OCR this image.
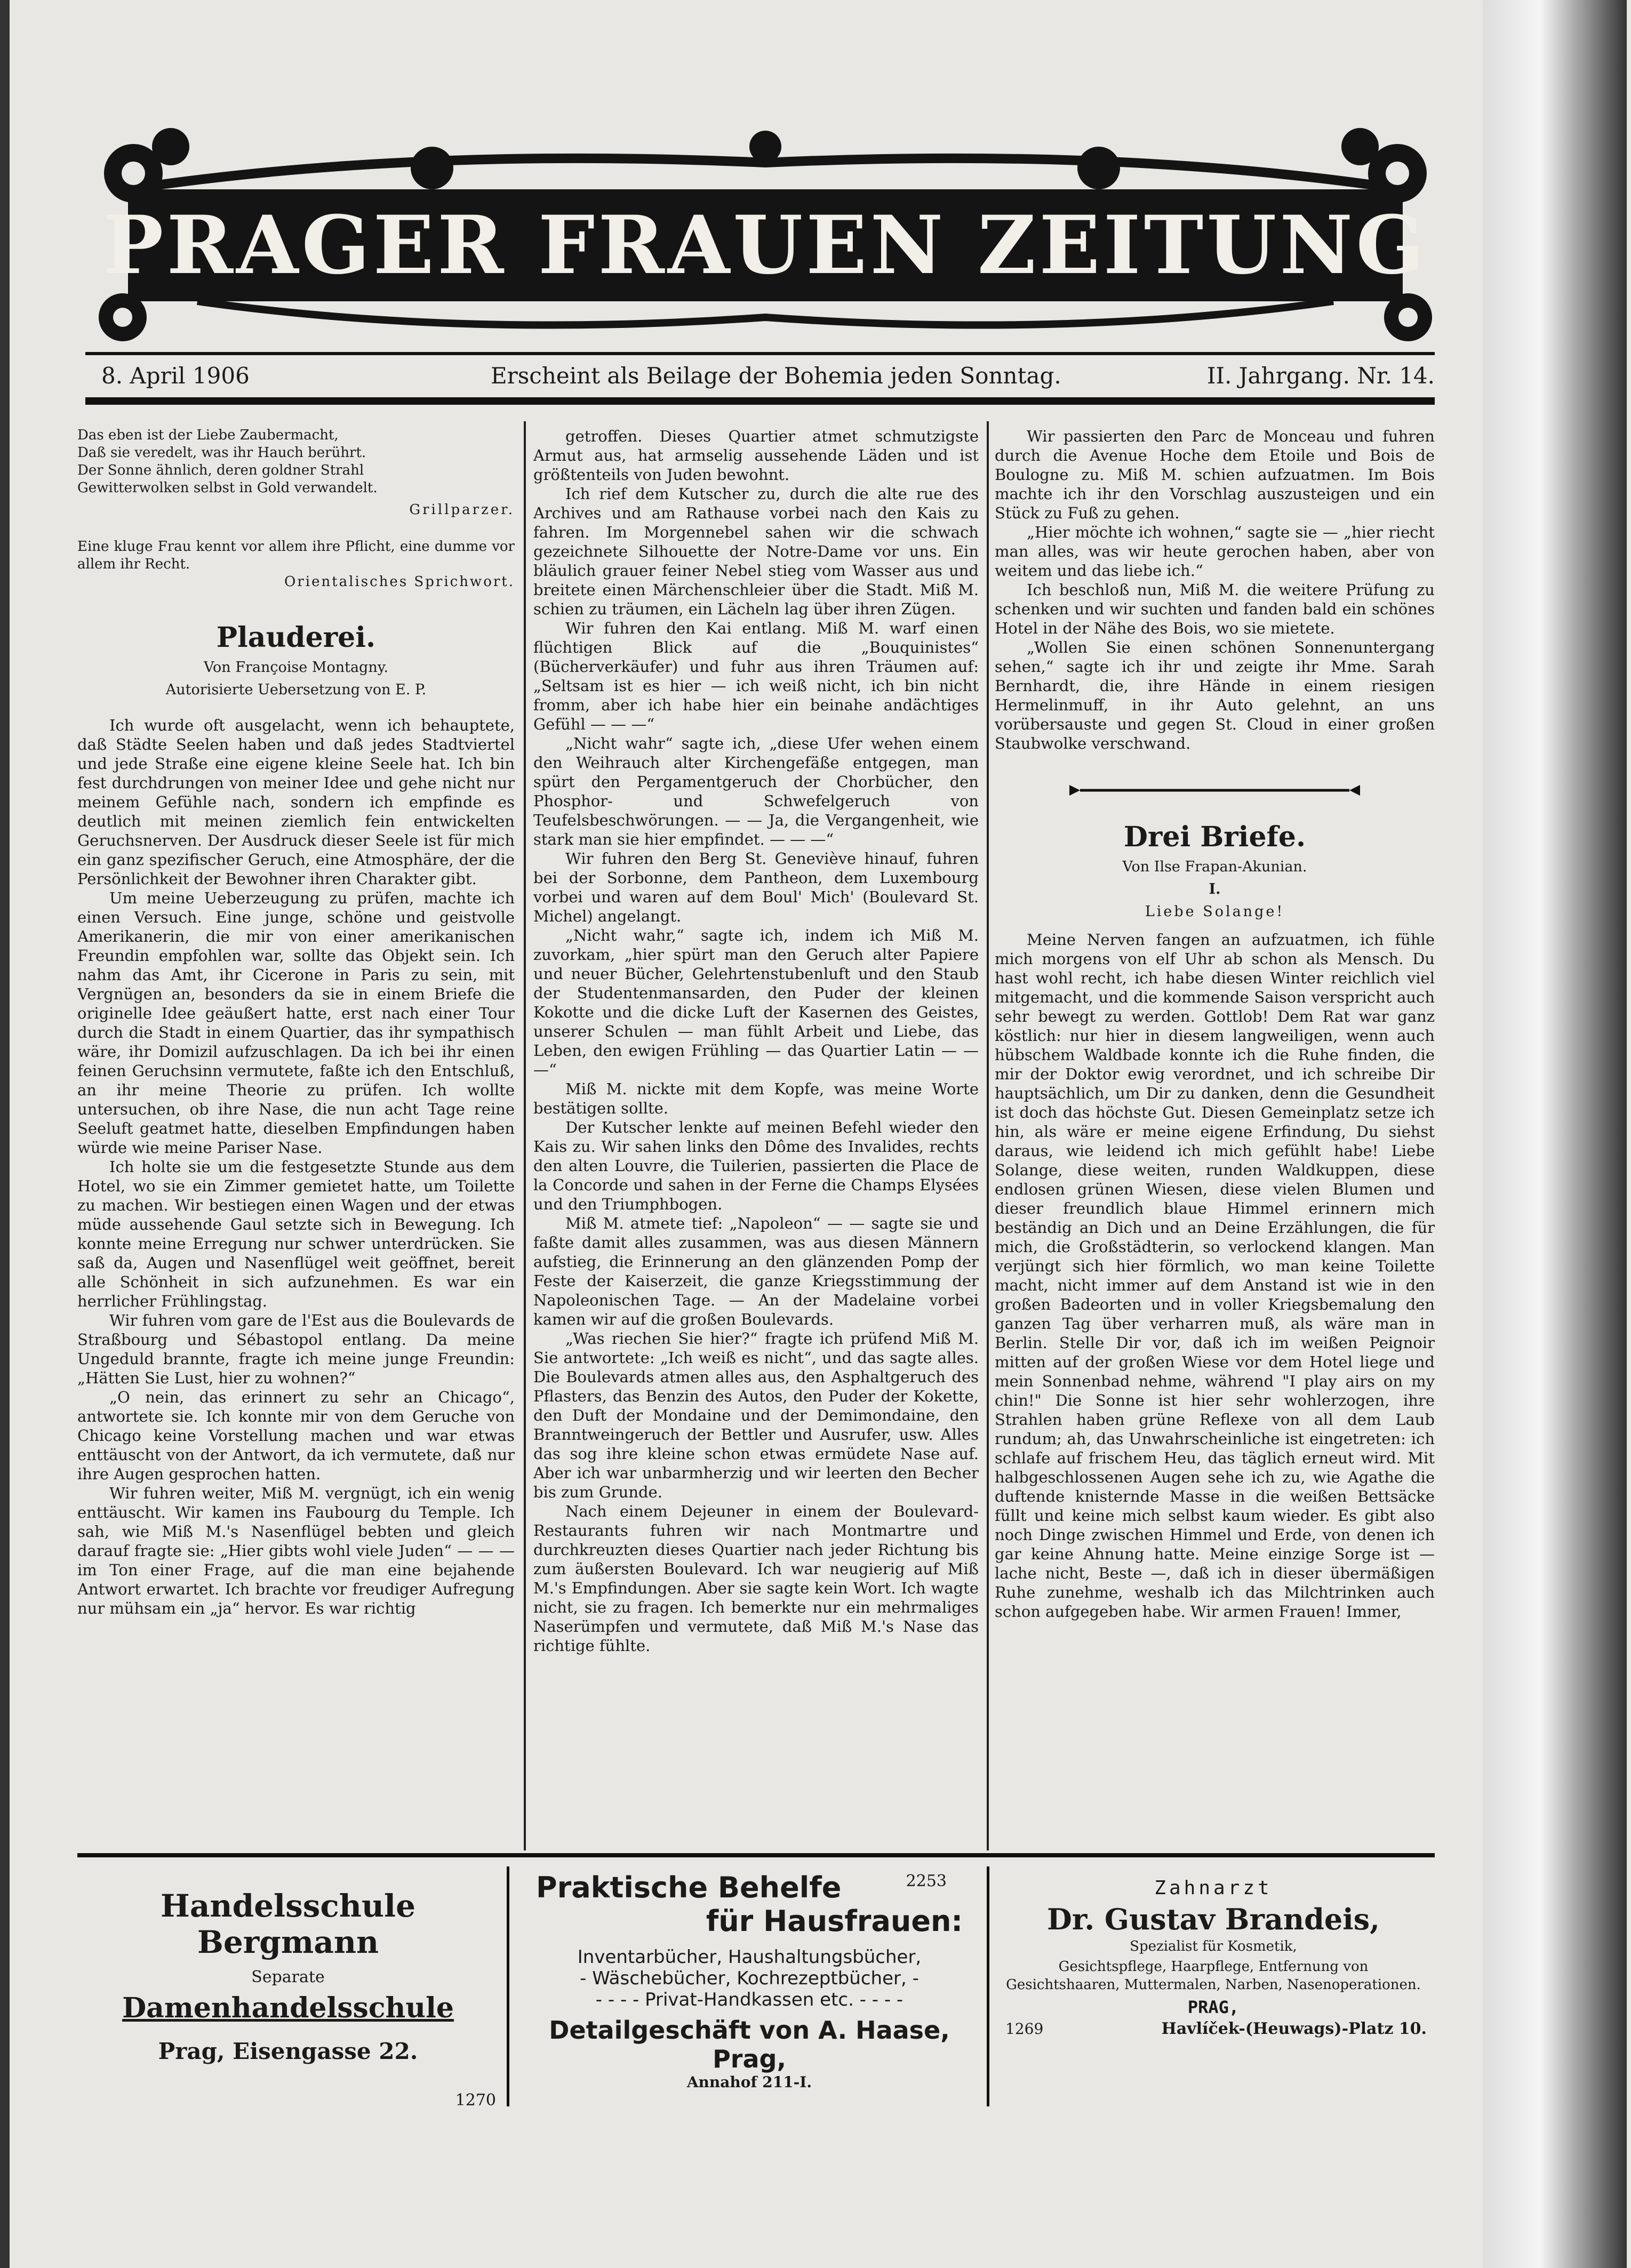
PRAGER FRAUEN ZEITUNG
8. April 1906	Erscheint als Beilage der Bohemia jeden Sonntag.	II. Jahrgang. Nr. 14.

Das eben ist der Liebe Zaubermacht,

Daß sie veredelt, was ihr Hauch berührt.

Der Sonne ähnlich, deren goldner Strahl

Gewitterwolken selbst in Gold verwandelt.

Grillparzer.

Eine kluge Frau kennt vor allem ihre Pflicht, eine dumme vor allem ihr Recht.

Orientalisches Sprichwort.

Plauderei.
Von Françoise Montagny.
Autorisierte Uebersetzung von E. P.

Ich wurde oft ausgelacht, wenn ich behauptete, daß Städte Seelen haben und daß jedes Stadtviertel und jede Straße eine eigene kleine Seele hat. Ich bin fest durchdrungen von meiner Idee und gehe nicht nur meinem Gefühle nach, sondern ich empfinde es deutlich mit meinen ziemlich fein entwickelten Geruchsnerven. Der Ausdruck dieser Seele ist für mich ein ganz spezifischer Geruch, eine Atmosphäre, der die Persönlichkeit der Bewohner ihren Charakter gibt.

Um meine Ueberzeugung zu prüfen, machte ich einen Versuch. Eine junge, schöne und geistvolle Amerikanerin, die mir von einer amerikanischen Freundin empfohlen war, sollte das Objekt sein. Ich nahm das Amt, ihr Cicerone in Paris zu sein, mit Vergnügen an, besonders da sie in einem Briefe die originelle Idee geäußert hatte, erst nach einer Tour durch die Stadt in einem Quartier, das ihr sympathisch wäre, ihr Domizil aufzuschlagen. Da ich bei ihr einen feinen Geruchsinn vermutete, faßte ich den Entschluß, an ihr meine Theorie zu prüfen. Ich wollte untersuchen, ob ihre Nase, die nun acht Tage reine Seeluft geatmet hatte, dieselben Empfindungen haben würde wie meine Pariser Nase.

Ich holte sie um die festgesetzte Stunde aus dem Hotel, wo sie ein Zimmer gemietet hatte, um Toilette zu machen. Wir bestiegen einen Wagen und der etwas müde aussehende Gaul setzte sich in Bewegung. Ich konnte meine Erregung nur schwer unterdrücken. Sie saß da, Augen und Nasenflügel weit geöffnet, bereit alle Schönheit in sich aufzunehmen. Es war ein herrlicher Frühlingstag.

Wir fuhren vom gare de l'Est aus die Boulevards de Straßbourg und Sébastopol entlang. Da meine Ungeduld brannte, fragte ich meine junge Freundin: „Hätten Sie Lust, hier zu wohnen?“

„O nein, das erinnert zu sehr an Chicago“, antwortete sie. Ich konnte mir von dem Geruche von Chicago keine Vorstellung machen und war etwas enttäuscht von der Antwort, da ich vermutete, daß nur ihre Augen gesprochen hatten.

Wir fuhren weiter, Miß M. vergnügt, ich ein wenig enttäuscht. Wir kamen ins Faubourg du Temple. Ich sah, wie Miß M.'s Nasenflügel bebten und gleich darauf fragte sie: „Hier gibts wohl viele Juden“ — — — im Ton einer Frage, auf die man eine bejahende Antwort erwartet. Ich brachte vor freudiger Aufregung nur mühsam ein „ja“ hervor. Es war richtig

getroffen. Dieses Quartier atmet schmutzigste Armut aus, hat armselig aussehende Läden und ist größtenteils von Juden bewohnt.

Ich rief dem Kutscher zu, durch die alte rue des Archives und am Rathause vorbei nach den Kais zu fahren. Im Morgennebel sahen wir die schwach gezeichnete Silhouette der Notre-Dame vor uns. Ein bläulich grauer feiner Nebel stieg vom Wasser aus und breitete einen Märchenschleier über die Stadt. Miß M. schien zu träumen, ein Lächeln lag über ihren Zügen.

Wir fuhren den Kai entlang. Miß M. warf einen flüchtigen Blick auf die „Bouquinistes“ (Bücherverkäufer) und fuhr aus ihren Träumen auf: „Seltsam ist es hier — ich weiß nicht, ich bin nicht fromm, aber ich habe hier ein beinahe andächtiges Gefühl — — —“

„Nicht wahr“ sagte ich, „diese Ufer wehen einem den Weihrauch alter Kirchengefäße entgegen, man spürt den Pergamentgeruch der Chorbücher, den Phosphor- und Schwefelgeruch von Teufelsbeschwörungen. — — Ja, die Vergangenheit, wie stark man sie hier empfindet. — — —“

Wir fuhren den Berg St. Geneviève hinauf, fuhren bei der Sorbonne, dem Pantheon, dem Luxembourg vorbei und waren auf dem Boul' Mich' (Boulevard St. Michel) angelangt.

„Nicht wahr,“ sagte ich, indem ich Miß M. zuvorkam, „hier spürt man den Geruch alter Papiere und neuer Bücher, Gelehrtenstubenluft und den Staub der Studentenmansarden, den Puder der kleinen Kokotte und die dicke Luft der Kasernen des Geistes, unserer Schulen — man fühlt Arbeit und Liebe, das Leben, den ewigen Frühling — das Quartier Latin — — —“

Miß M. nickte mit dem Kopfe, was meine Worte bestätigen sollte.

Der Kutscher lenkte auf meinen Befehl wieder den Kais zu. Wir sahen links den Dôme des Invalides, rechts den alten Louvre, die Tuilerien, passierten die Place de la Concorde und sahen in der Ferne die Champs Elysées und den Triumphbogen.

Miß M. atmete tief: „Napoleon“ — — sagte sie und faßte damit alles zusammen, was aus diesen Männern aufstieg, die Erinnerung an den glänzenden Pomp der Feste der Kaiserzeit, die ganze Kriegsstimmung der Napoleonischen Tage. — An der Madelaine vorbei kamen wir auf die großen Boulevards.

„Was riechen Sie hier?“ fragte ich prüfend Miß M. Sie antwortete: „Ich weiß es nicht“, und das sagte alles. Die Boulevards atmen alles aus, den Asphaltgeruch des Pflasters, das Benzin des Autos, den Puder der Kokette, den Duft der Mondaine und der Demimondaine, den Branntweingeruch der Bettler und Ausrufer, usw. Alles das sog ihre kleine schon etwas ermüdete Nase auf. Aber ich war unbarmherzig und wir leerten den Becher bis zum Grunde.

Nach einem Dejeuner in einem der Boulevard-Restaurants fuhren wir nach Montmartre und durchkreuzten dieses Quartier nach jeder Richtung bis zum äußersten Boulevard. Ich war neugierig auf Miß M.'s Empfindungen. Aber sie sagte kein Wort. Ich wagte nicht, sie zu fragen. Ich bemerkte nur ein mehrmaliges Naserümpfen und vermutete, daß Miß M.'s Nase das richtige fühlte.

Wir passierten den Parc de Monceau und fuhren durch die Avenue Hoche dem Etoile und Bois de Boulogne zu. Miß M. schien aufzuatmen. Im Bois machte ich ihr den Vorschlag auszusteigen und ein Stück zu Fuß zu gehen.

„Hier möchte ich wohnen,“ sagte sie — „hier riecht man alles, was wir heute gerochen haben, aber von weitem und das liebe ich.“

Ich beschloß nun, Miß M. die weitere Prüfung zu schenken und wir suchten und fanden bald ein schönes Hotel in der Nähe des Bois, wo sie mietete.

„Wollen Sie einen schönen Sonnenuntergang sehen,“ sagte ich ihr und zeigte ihr Mme. Sarah Bernhardt, die, ihre Hände in einem riesigen Hermelinmuff, in ihr Auto gelehnt, an uns vorübersauste und gegen St. Cloud in einer großen Staubwolke verschwand.

Drei Briefe.
Von Ilse Frapan-Akunian.
I.
Liebe Solange!

Meine Nerven fangen an aufzuatmen, ich fühle mich morgens von elf Uhr ab schon als Mensch. Du hast wohl recht, ich habe diesen Winter reichlich viel mitgemacht, und die kommende Saison verspricht auch sehr bewegt zu werden. Gottlob! Dem Rat war ganz köstlich: nur hier in diesem langweiligen, wenn auch hübschem Waldbade konnte ich die Ruhe finden, die mir der Doktor ewig verordnet, und ich schreibe Dir hauptsächlich, um Dir zu danken, denn die Gesundheit ist doch das höchste Gut. Diesen Gemeinplatz setze ich hin, als wäre er meine eigene Erfindung, Du siehst daraus, wie leidend ich mich gefühlt habe! Liebe Solange, diese weiten, runden Waldkuppen, diese endlosen grünen Wiesen, diese vielen Blumen und dieser freundlich blaue Himmel erinnern mich beständig an Dich und an Deine Erzählungen, die für mich, die Großstädterin, so verlockend klangen. Man verjüngt sich hier förmlich, wo man keine Toilette macht, nicht immer auf dem Anstand ist wie in den großen Badeorten und in voller Kriegsbemalung den ganzen Tag über verharren muß, als wäre man in Berlin. Stelle Dir vor, daß ich im weißen Peignoir mitten auf der großen Wiese vor dem Hotel liege und mein Sonnenbad nehme, während "I play airs on my chin!" Die Sonne ist hier sehr wohlerzogen, ihre Strahlen haben grüne Reflexe von all dem Laub rundum; ah, das Unwahrscheinliche ist eingetreten: ich schlafe auf frischem Heu, das täglich erneut wird. Mit halbgeschlossenen Augen sehe ich zu, wie Agathe die duftende knisternde Masse in die weißen Bettsäcke füllt und keine mich selbst kaum wieder. Es gibt also noch Dinge zwischen Himmel und Erde, von denen ich gar keine Ahnung hatte. Meine einzige Sorge ist — lache nicht, Beste —, daß ich in dieser übermäßigen Ruhe zunehme, weshalb ich das Milchtrinken auch schon aufgegeben habe. Wir armen Frauen! Immer,

Handelsschule Bergmann
Separate
Damenhandelsschule
Prag, Eisengasse 22.
1270
Praktische Behelfe	2253
für Hausfrauen:
Inventarbücher, Haushaltungsbücher,
- Wäschebücher, Kochrezeptbücher, -
- - - - Privat-Handkassen etc. - - - -
Detailgeschäft von A. Haase, Prag,
Annahof 211-I.
Zahnarzt
Dr. Gustav Brandeis,
Spezialist für Kosmetik,
Gesichtspflege, Haarpflege, Entfernung von Gesichtshaaren, Muttermalen, Narben, Nasenoperationen.
PRAG,
1269	Havlíček-(Heuwags)-Platz 10.
